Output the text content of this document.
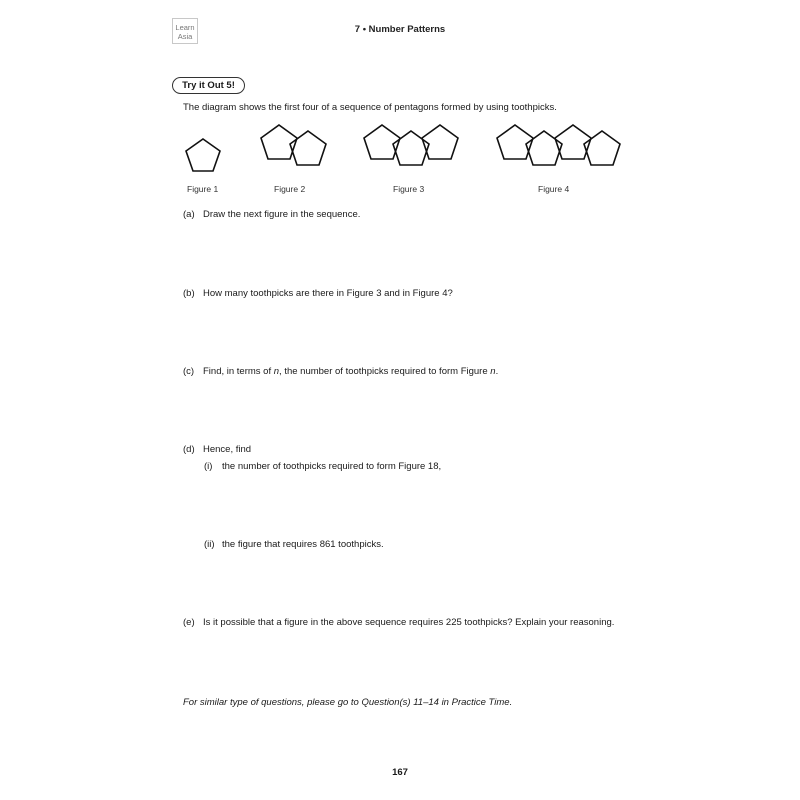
Learn
Asia
7 • Number Patterns
Try it Out 5!
The diagram shows the first four of a sequence of pentagons formed by using toothpicks.
Figure 1	Figure 2	Figure 3	Figure 4
(a) Draw the next figure in the sequence.
(b) How many toothpicks are there in Figure 3 and in Figure 4?
(c) Find, in terms of n, the number of toothpicks required to form Figure n.
(d) Hence, find
(i) the number of toothpicks required to form Figure 18,
(ii) the figure that requires 861 toothpicks.
(e) Is it possible that a figure in the above sequence requires 225 toothpicks? Explain your reasoning.
For similar type of questions, please go to Question(s) 11–14 in Practice Time.
167
